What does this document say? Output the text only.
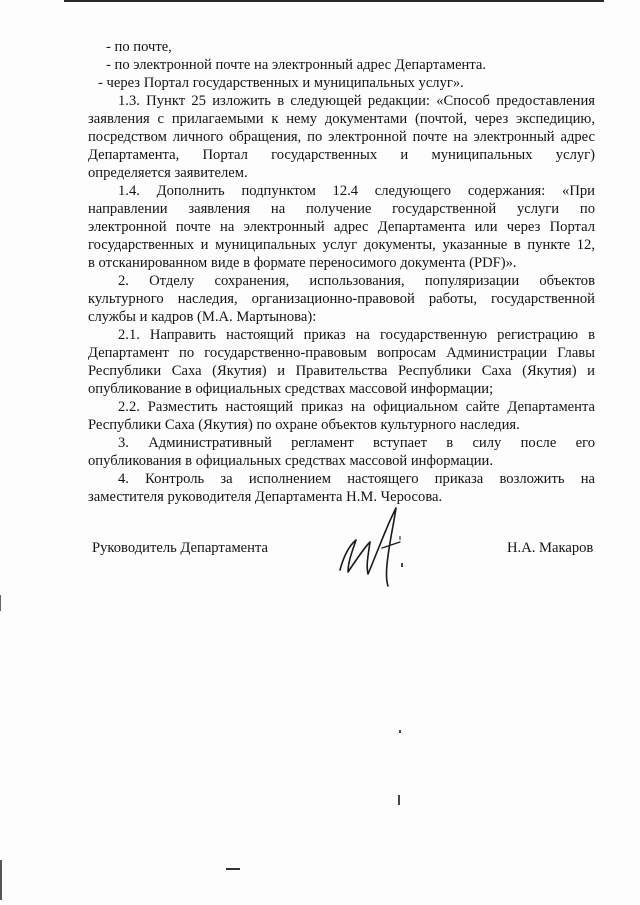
- по почте,
- по электронной почте на электронный адрес Департамента.
- через Портал государственных и муниципальных услуг».
1.3. Пункт 25 изложить в следующей редакции: «Способ предоставления
заявления с прилагаемыми к нему документами (почтой, через экспедицию,
посредством личного обращения, по электронной почте на электронный адрес
Департамента, Портал государственных и муниципальных услуг)
определяется заявителем.
1.4. Дополнить подпунктом 12.4 следующего содержания: «При
направлении заявления на получение государственной услуги по
электронной почте на электронный адрес Департамента или через Портал
государственных и муниципальных услуг документы, указанные в пункте 12,
в отсканированном виде в формате переносимого документа (PDF)».
2. Отделу сохранения, использования, популяризации объектов
культурного наследия, организационно-правовой работы, государственной
службы и кадров (М.А. Мартынова):
2.1. Направить настоящий приказ на государственную регистрацию в
Департамент по государственно-правовым вопросам Администрации Главы
Республики Саха (Якутия) и Правительства Республики Саха (Якутия) и
опубликование в официальных средствах массовой информации;
2.2. Разместить настоящий приказ на официальном сайте Департамента
Республики Саха (Якутия) по охране объектов культурного наследия.
3. Административный регламент вступает в силу после его
опубликования в официальных средствах массовой информации.
4. Контроль за исполнением настоящего приказа возложить на
заместителя руководителя Департамента Н.М. Черосова.
Руководитель Департамента	Н.А. Макаров
